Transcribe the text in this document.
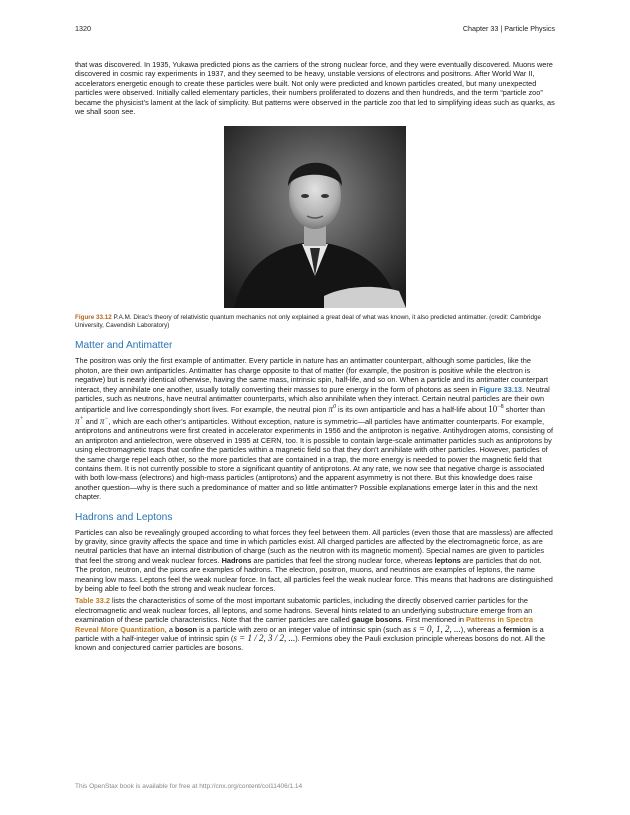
1320	Chapter 33 | Particle Physics

that was discovered. In 1935, Yukawa predicted pions as the carriers of the strong nuclear force, and they were eventually discovered. Muons were discovered in cosmic ray experiments in 1937, and they seemed to be heavy, unstable versions of electrons and positrons. After World War II, accelerators energetic enough to create these particles were built. Not only were predicted and known particles created, but many unexpected particles were observed. Initially called elementary particles, their numbers proliferated to dozens and then hundreds, and the term “particle zoo” became the physicist’s lament at the lack of simplicity. But patterns were observed in the particle zoo that led to simplifying ideas such as quarks, as we shall soon see.

Figure 33.12 P.A.M. Dirac’s theory of relativistic quantum mechanics not only explained a great deal of what was known, it also predicted antimatter. (credit: Cambridge University, Cavendish Laboratory)
Matter and Antimatter

The positron was only the first example of antimatter. Every particle in nature has an antimatter counterpart, although some particles, like the photon, are their own antiparticles. Antimatter has charge opposite to that of matter (for example, the positron is positive while the electron is negative) but is nearly identical otherwise, having the same mass, intrinsic spin, half-life, and so on. When a particle and its antimatter counterpart interact, they annihilate one another, usually totally converting their masses to pure energy in the form of photons as seen in Figure 33.13. Neutral particles, such as neutrons, have neutral antimatter counterparts, which also annihilate when they interact. Certain neutral particles are their own antiparticle and live correspondingly short lives. For example, the neutral pion $\pi^0$ is its own antiparticle and has a half-life about $10^{-8}$ shorter than π+ and π−, which are each other’s antiparticles. Without exception, nature is symmetric—all particles have antimatter counterparts. For example, antiprotons and antineutrons were first created in accelerator experiments in 1956 and the antiproton is negative. Antihydrogen atoms, consisting of an antiproton and antielectron, were observed in 1995 at CERN, too. It is possible to contain large-scale antimatter particles such as antiprotons by using electromagnetic traps that confine the particles within a magnetic field so that they don’t annihilate with other particles. However, particles of the same charge repel each other, so the more particles that are contained in a trap, the more energy is needed to power the magnetic field that contains them. It is not currently possible to store a significant quantity of antiprotons. At any rate, we now see that negative charge is associated with both low-mass (electrons) and high-mass particles (antiprotons) and the apparent asymmetry is not there. But this knowledge does raise another question—why is there such a predominance of matter and so little antimatter? Possible explanations emerge later in this and the next chapter.

Hadrons and Leptons

Particles can also be revealingly grouped according to what forces they feel between them. All particles (even those that are massless) are affected by gravity, since gravity affects the space and time in which particles exist. All charged particles are affected by the electromagnetic force, as are neutral particles that have an internal distribution of charge (such as the neutron with its magnetic moment). Special names are given to particles that feel the strong and weak nuclear forces. Hadrons are particles that feel the strong nuclear force, whereas leptons are particles that do not. The proton, neutron, and the pions are examples of hadrons. The electron, positron, muons, and neutrinos are examples of leptons, the name meaning low mass. Leptons feel the weak nuclear force. In fact, all particles feel the weak nuclear force. This means that hadrons are distinguished by being able to feel both the strong and weak nuclear forces.

Table 33.2 lists the characteristics of some of the most important subatomic particles, including the directly observed carrier particles for the electromagnetic and weak nuclear forces, all leptons, and some hadrons. Several hints related to an underlying substructure emerge from an examination of these particle characteristics. Note that the carrier particles are called gauge bosons. First mentioned in Patterns in Spectra Reveal More Quantization, a boson is a particle with zero or an integer value of intrinsic spin (such as s = 0, 1, 2, ...), whereas a fermion is a particle with a half-integer value of intrinsic spin (s = 1 / 2, 3 / 2, ...). Fermions obey the Pauli exclusion principle whereas bosons do not. All the known and conjectured carrier particles are bosons.

This OpenStax book is available for free at http://cnx.org/content/col11406/1.14
